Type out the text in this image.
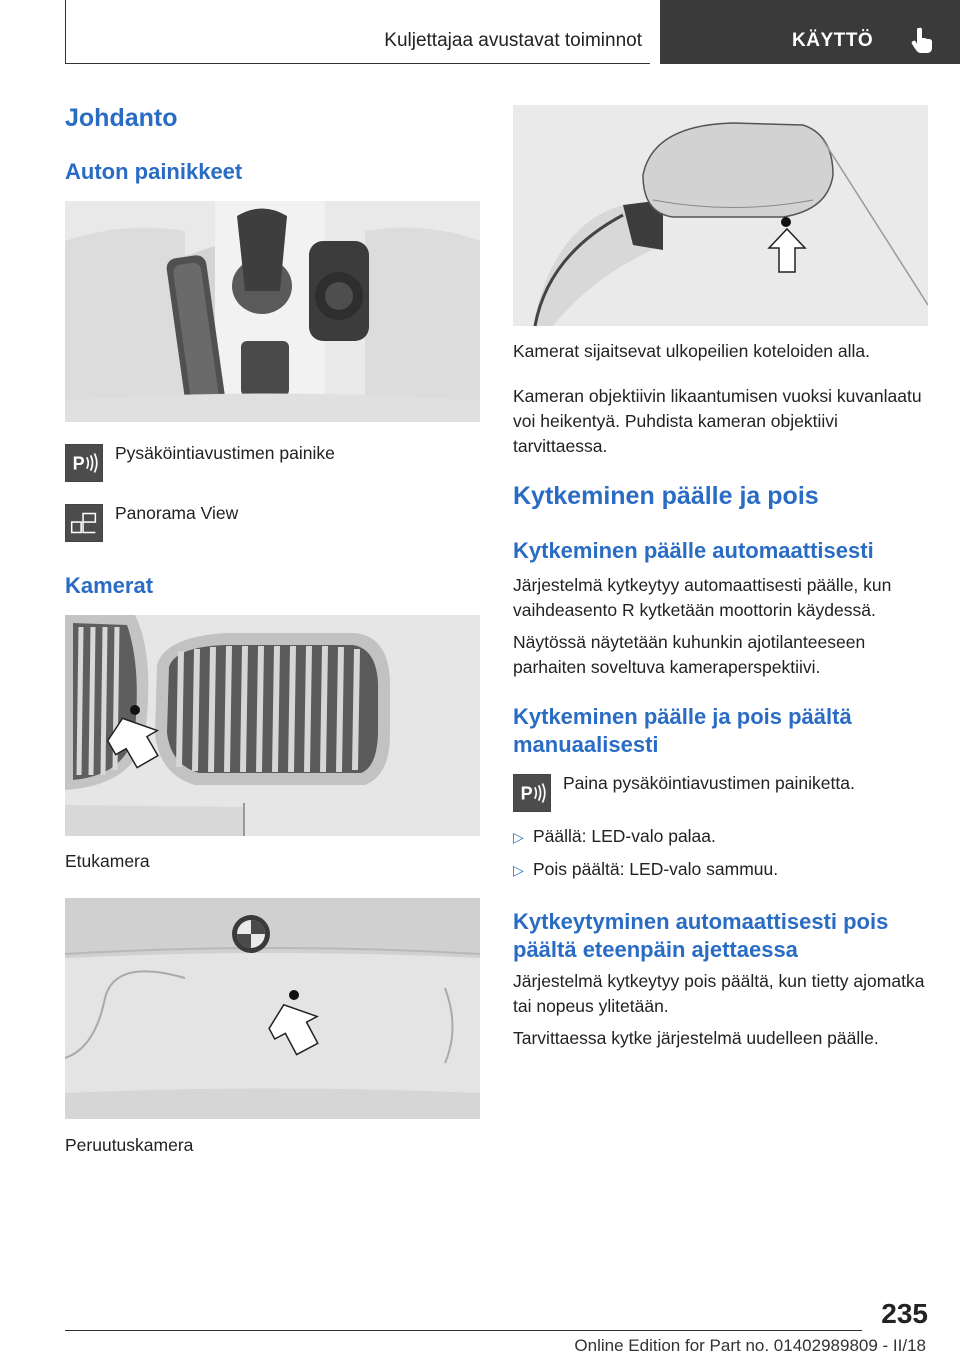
Kuljettajaa avustavat toiminnot	KÄYTTÖ
Johdanto
Auton painikkeet
P
Pysäköintiavustimen painike
Panorama View
Kamerat
Etukamera
Peruutuskamera
Kamerat sijaitsevat ulkopeilien koteloiden alla.
Kameran objektiivin likaantumisen vuoksi kuvanlaatu voi heikentyä. Puhdista kameran objektiivi tarvittaessa.
Kytkeminen päälle ja pois
Kytkeminen päälle automaattisesti
Järjestelmä kytkeytyy automaattisesti päälle, kun vaihdeasento R kytketään moottorin käydessä.
Näytössä näytetään kuhunkin ajotilanteeseen parhaiten soveltuva kameraperspektiivi.
Kytkeminen päälle ja pois päältä manuaalisesti
P
Paina pysäköintiavustimen painiketta.
▷ Päällä: LED-valo palaa.
▷ Pois päältä: LED-valo sammuu.
Kytkeytyminen automaattisesti pois päältä eteenpäin ajettaessa
Järjestelmä kytkeytyy pois päältä, kun tietty ajomatka tai nopeus ylitetään.
Tarvittaessa kytke järjestelmä uudelleen päälle.
235
Online Edition for Part no. 01402989809 - II/18
